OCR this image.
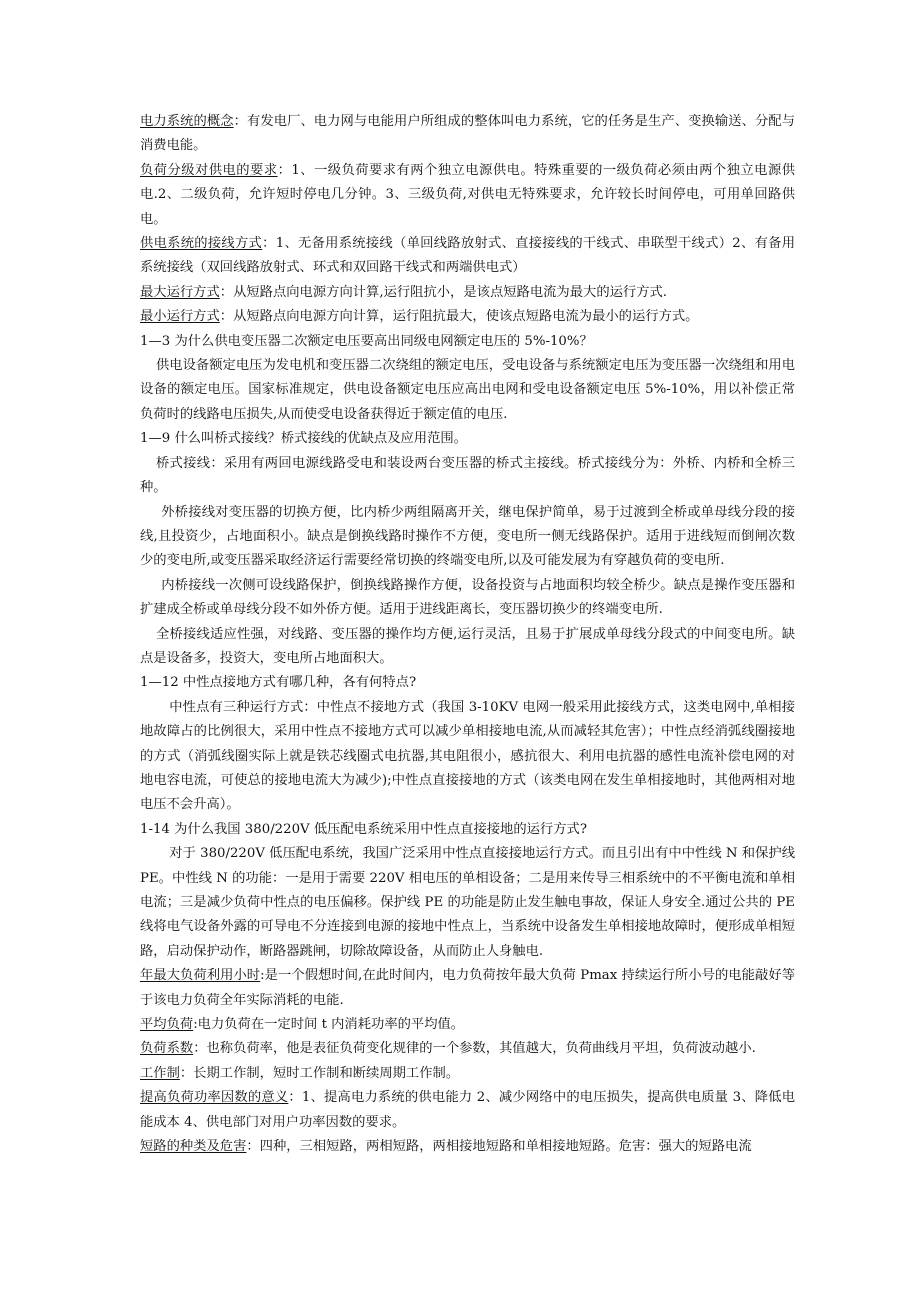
电力系统的概念：有发电厂、电力网与电能用户所组成的整体叫电力系统，它的任务是生产、变换输送、分配与消费电能。

负荷分级对供电的要求：1、一级负荷要求有两个独立电源供电。特殊重要的一级负荷必须由两个独立电源供电.2、二级负荷，允许短时停电几分钟。3、三级负荷,对供电无特殊要求，允许较长时间停电，可用单回路供电。

供电系统的接线方式：1、无备用系统接线（单回线路放射式、直接接线的干线式、串联型干线式）2、有备用系统接线（双回线路放射式、环式和双回路干线式和两端供电式）

最大运行方式：从短路点向电源方向计算,运行阻抗小，是该点短路电流为最大的运行方式.

最小运行方式：从短路点向电源方向计算，运行阻抗最大，使该点短路电流为最小的运行方式。

1—3 为什么供电变压器二次额定电压要高出同级电网额定电压的 5%-10%？

供电设备额定电压为发电机和变压器二次绕组的额定电压，受电设备与系统额定电压为变压器一次绕组和用电设备的额定电压。国家标准规定，供电设备额定电压应高出电网和受电设备额定电压 5%-10%，用以补偿正常负荷时的线路电压损失,从而使受电设备获得近于额定值的电压.

1—9 什么叫桥式接线？桥式接线的优缺点及应用范围。

桥式接线：采用有两回电源线路受电和装设两台变压器的桥式主接线。桥式接线分为：外桥、内桥和全桥三种。

外桥接线对变压器的切换方便，比内桥少两组隔离开关，继电保护简单，易于过渡到全桥或单母线分段的接线,且投资少，占地面积小。缺点是倒换线路时操作不方便，变电所一侧无线路保护。适用于进线短而倒闸次数少的变电所,或变压器采取经济运行需要经常切换的终端变电所,以及可能发展为有穿越负荷的变电所.

内桥接线一次侧可设线路保护，倒换线路操作方便，设备投资与占地面积均较全桥少。缺点是操作变压器和扩建成全桥或单母线分段不如外侨方便。适用于进线距离长，变压器切换少的终端变电所.

全桥接线适应性强，对线路、变压器的操作均方便,运行灵活，且易于扩展成单母线分段式的中间变电所。缺点是设备多，投资大，变电所占地面积大。

1—12 中性点接地方式有哪几种，各有何特点?

中性点有三种运行方式：中性点不接地方式（我国 3-10KV 电网一般采用此接线方式，这类电网中,单相接地故障占的比例很大，采用中性点不接地方式可以减少单相接地电流,从而减轻其危害）；中性点经消弧线圈接地的方式（消弧线圈实际上就是铁芯线圈式电抗器,其电阻很小，感抗很大、利用电抗器的感性电流补偿电网的对地电容电流，可使总的接地电流大为减少);中性点直接接地的方式（该类电网在发生单相接地时，其他两相对地电压不会升高）。

1-14 为什么我国 380/220V 低压配电系统采用中性点直接接地的运行方式?

对于 380/220V 低压配电系统，我国广泛采用中性点直接接地运行方式。而且引出有中中性线 N 和保护线 PE。中性线 N 的功能：一是用于需要 220V 相电压的单相设备；二是用来传导三相系统中的不平衡电流和单相电流；三是减少负荷中性点的电压偏移。保护线 PE 的功能是防止发生触电事故，保证人身安全.通过公共的 PE 线将电气设备外露的可导电不分连接到电源的接地中性点上，当系统中设备发生单相接地故障时，便形成单相短路，启动保护动作，断路器跳闸，切除故障设备，从而防止人身触电.

年最大负荷利用小时:是一个假想时间,在此时间内，电力负荷按年最大负荷 Pmax 持续运行所小号的电能敲好等于该电力负荷全年实际消耗的电能.

平均负荷:电力负荷在一定时间 t 内消耗功率的平均值。

负荷系数：也称负荷率，他是表征负荷变化规律的一个参数，其值越大，负荷曲线月平坦，负荷波动越小.

工作制：长期工作制，短时工作制和断续周期工作制。

提高负荷功率因数的意义：1、提高电力系统的供电能力 2、减少网络中的电压损失，提高供电质量 3、降低电能成本 4、供电部门对用户功率因数的要求。

短路的种类及危害：四种，三相短路，两相短路，两相接地短路和单相接地短路。危害：强大的短路电流
